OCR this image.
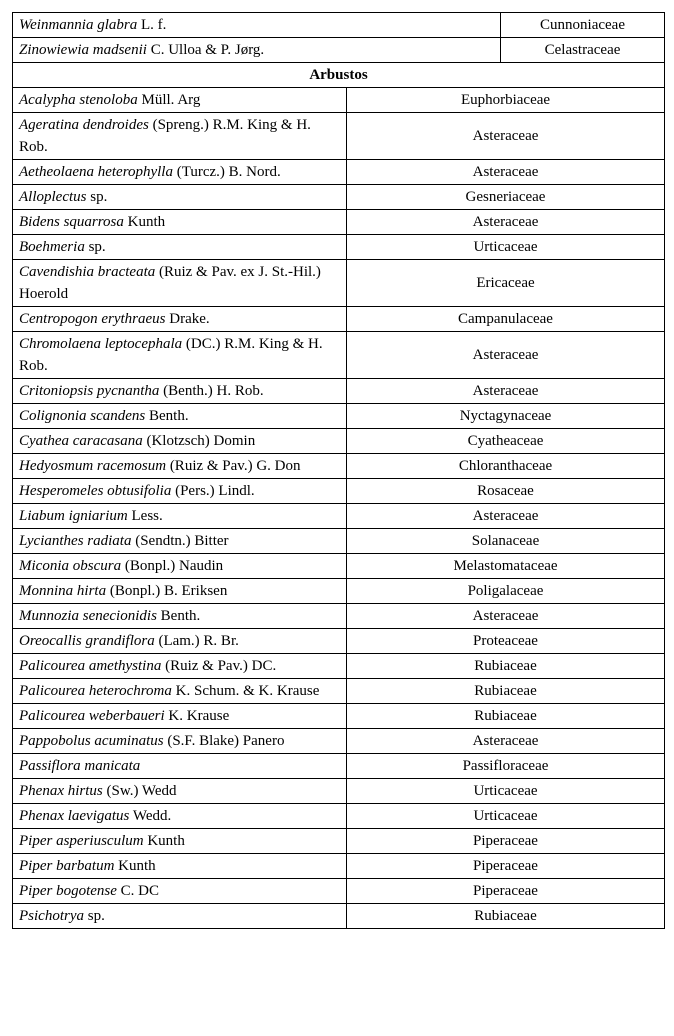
Weinmannia glabra L. f.		Cunnoniaceae
Zinowiewia madsenii C. Ulloa & P. Jørg.		Celastraceae
Arbustos		
Acalypha stenoloba Müll. Arg	Euphorbiaceae	
Ageratina dendroides (Spreng.) R.M. King & H. Rob.	Asteraceae	
Aetheolaena heterophylla (Turcz.) B. Nord.	Asteraceae	
Alloplectus sp.	Gesneriaceae	
Bidens squarrosa Kunth	Asteraceae	
Boehmeria sp.	Urticaceae	
Cavendishia bracteata (Ruiz & Pav. ex J. St.-Hil.) Hoerold	Ericaceae	
Centropogon erythraeus Drake.	Campanulaceae	
Chromolaena leptocephala (DC.) R.M. King & H. Rob.	Asteraceae	
Critoniopsis pycnantha (Benth.) H. Rob.	Asteraceae	
Colignonia scandens Benth.	Nyctagynaceae	
Cyathea caracasana (Klotzsch) Domin	Cyatheaceae	
Hedyosmum racemosum (Ruiz & Pav.) G. Don	Chloranthaceae	
Hesperomeles obtusifolia (Pers.) Lindl.	Rosaceae	
Liabum igniarium Less.	Asteraceae	
Lycianthes radiata (Sendtn.) Bitter	Solanaceae	
Miconia obscura (Bonpl.) Naudin	Melastomataceae	
Monnina hirta (Bonpl.) B. Eriksen	Poligalaceae	
Munnozia senecionidis Benth.	Asteraceae	
Oreocallis grandiflora (Lam.) R. Br.	Proteaceae	
Palicourea amethystina (Ruiz & Pav.) DC.	Rubiaceae	
Palicourea heterochroma K. Schum. & K. Krause	Rubiaceae	
Palicourea weberbaueri K. Krause	Rubiaceae	
Pappobolus acuminatus (S.F. Blake) Panero	Asteraceae	
Passiflora manicata	Passifloraceae	
Phenax hirtus (Sw.) Wedd	Urticaceae	
Phenax laevigatus Wedd.	Urticaceae	
Piper asperiusculum Kunth	Piperaceae	
Piper barbatum Kunth	Piperaceae	
Piper bogotense C. DC	Piperaceae	
Psichotrya sp.	Rubiaceae	
